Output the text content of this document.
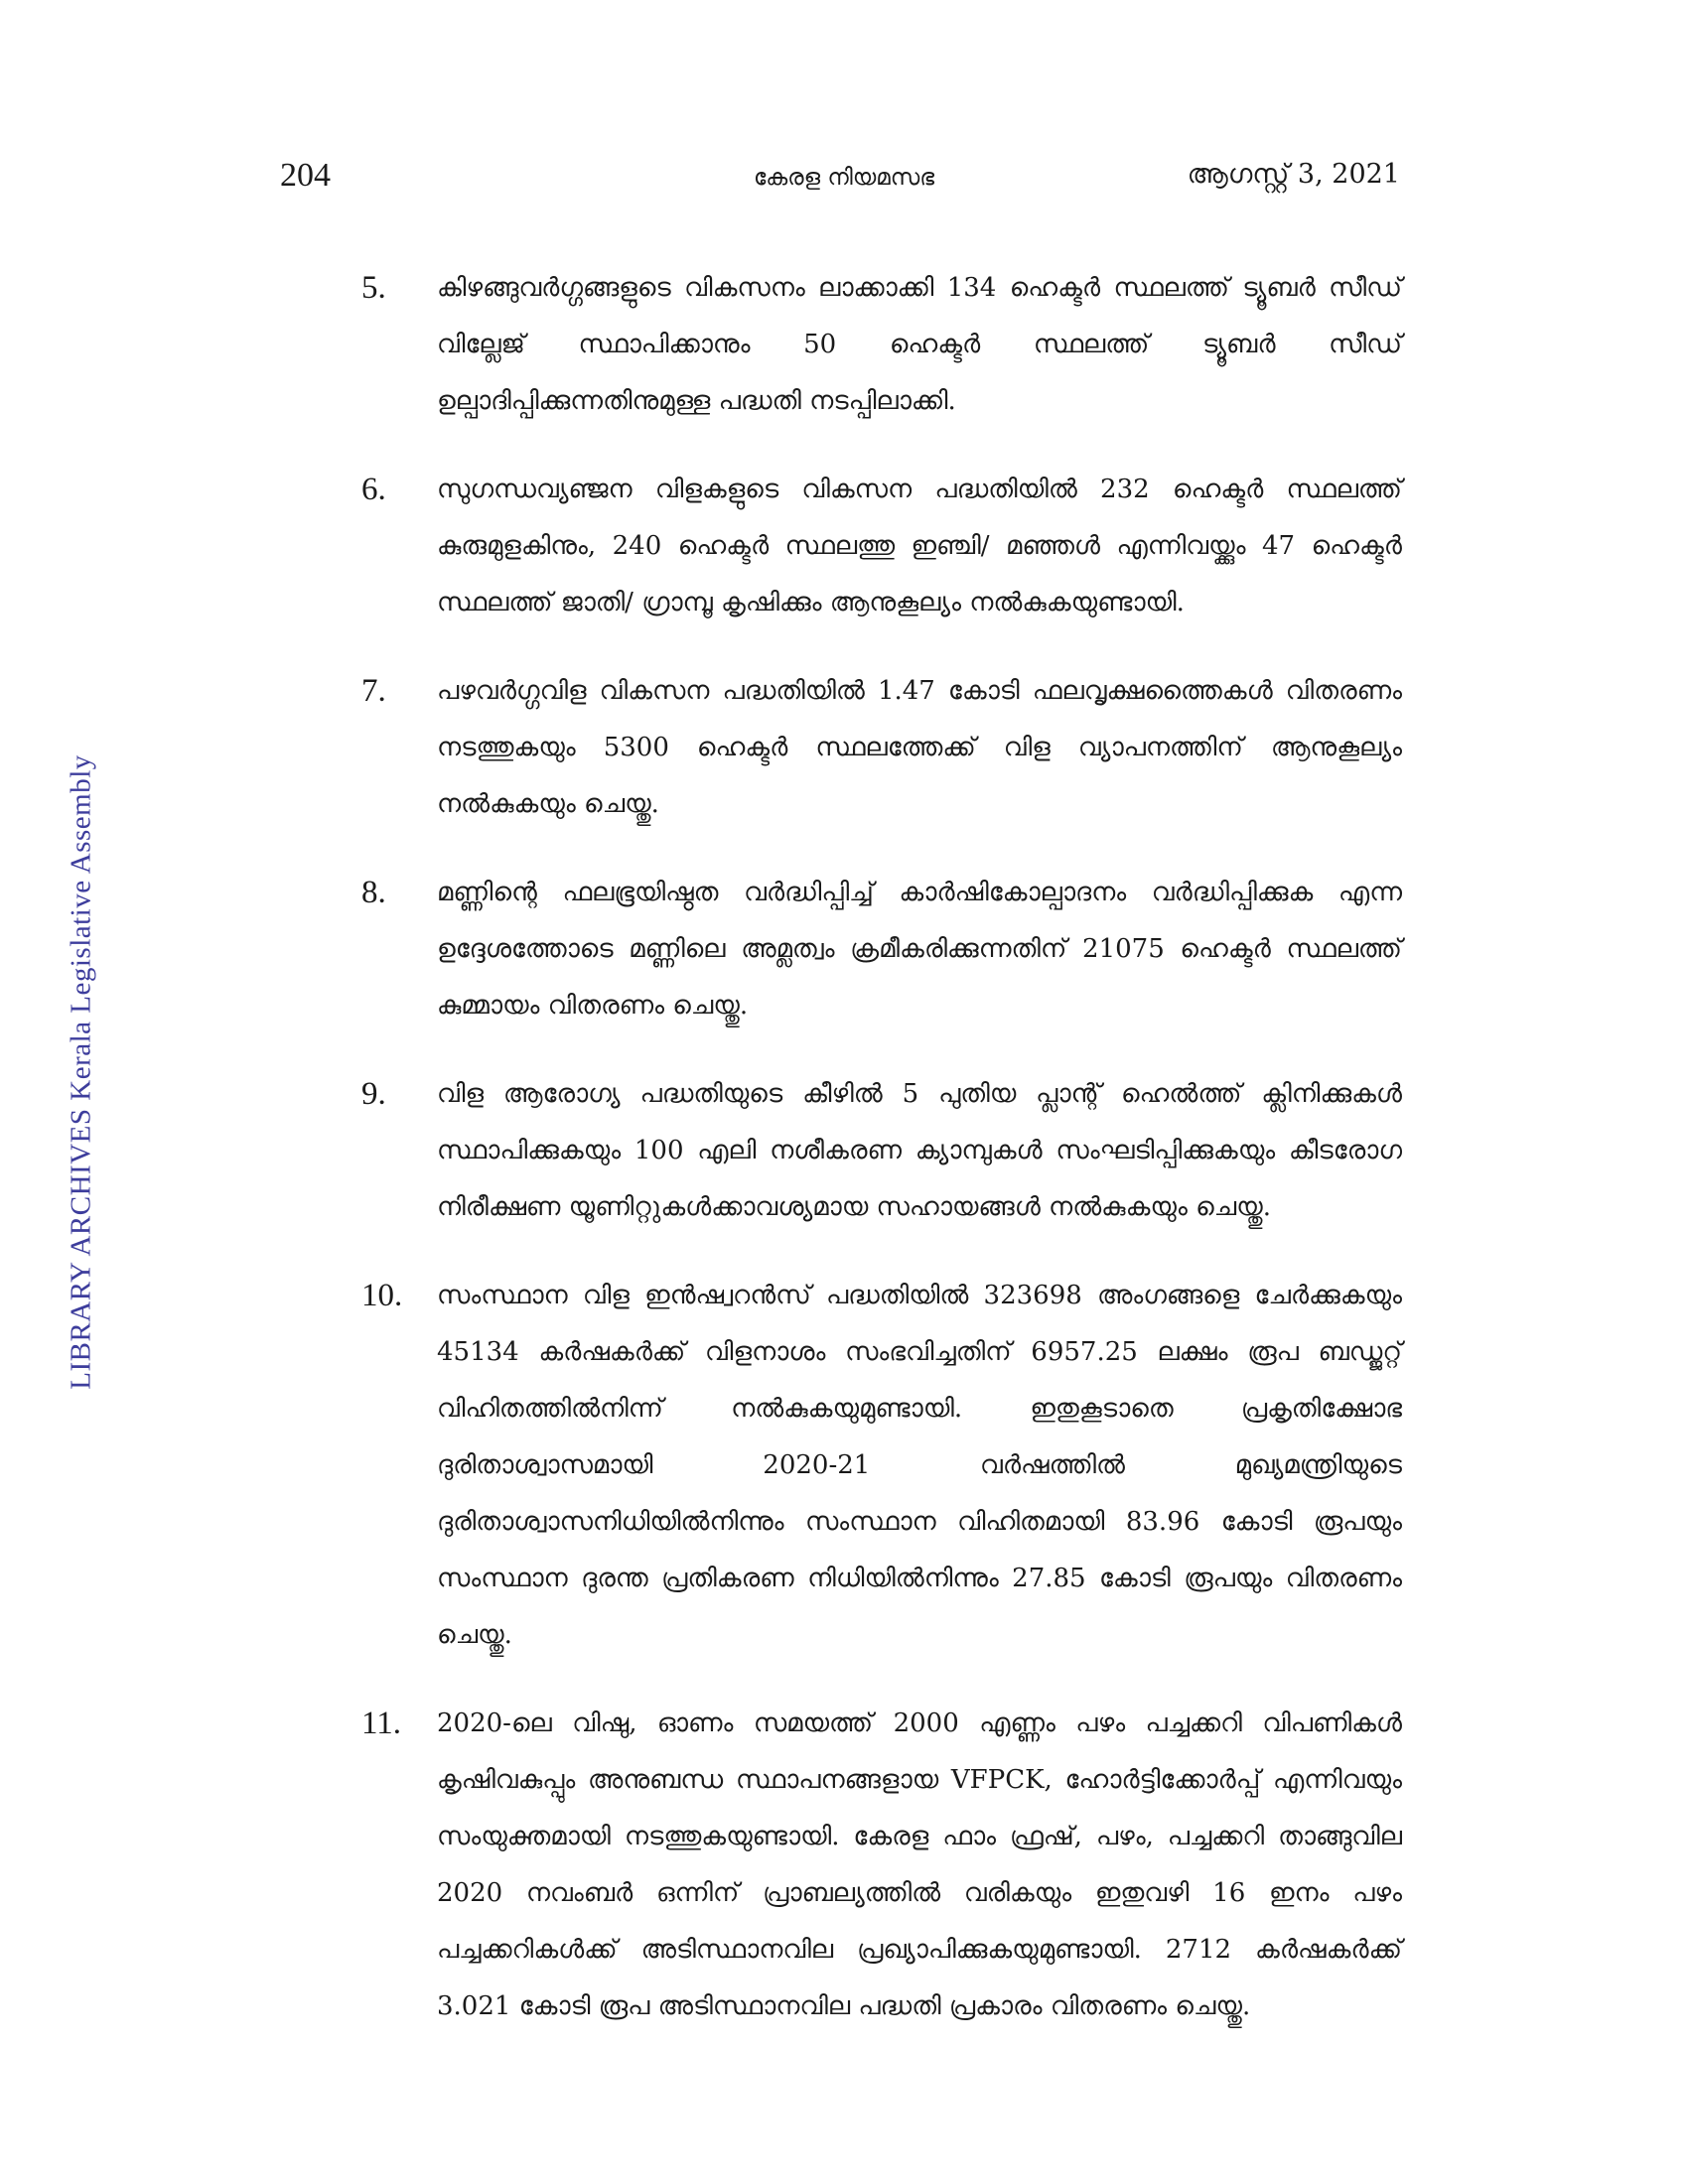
204	കേരള നിയമസഭ	ആഗസ്റ്റ് 3, 2021
LIBRARY ARCHIVES Kerala Legislative Assembly
5. കിഴങ്ങുവർഗ്ഗങ്ങളുടെ വികസനം ലാക്കാക്കി 134 ഹെക്ടർ സ്ഥലത്ത് ട്യൂബർ സീഡ് വില്ലേജ് സ്ഥാപിക്കാനും 50 ഹെക്ടർ സ്ഥലത്ത് ട്യൂബർ സീഡ് ഉല്പാദിപ്പിക്കുന്നതിനുമുള്ള പദ്ധതി നടപ്പിലാക്കി.

6. സുഗന്ധവ്യഞ്ജന വിളകളുടെ വികസന പദ്ധതിയിൽ 232 ഹെക്ടർ സ്ഥലത്ത് കുരുമുളകിനും, 240 ഹെക്ടർ സ്ഥലത്തു ഇഞ്ചി/ മഞ്ഞൾ എന്നിവയ്ക്കും 47 ഹെക്ടർ സ്ഥലത്ത് ജാതി/ ഗ്രാമ്പൂ കൃഷിക്കും ആനുകൂല്യം നൽകുകയുണ്ടായി.

7. പഴവർഗ്ഗവിള വികസന പദ്ധതിയിൽ 1.47 കോടി ഫലവൃക്ഷത്തൈകൾ വിതരണം നടത്തുകയും 5300 ഹെക്ടർ സ്ഥലത്തേക്ക് വിള വ്യാപനത്തിന് ആനുകൂല്യം നൽകുകയും ചെയ്തു.

8. മണ്ണിന്റെ ഫലഭൂയിഷ്ഠത വർദ്ധിപ്പിച്ച് കാർഷികോല്പാദനം വർദ്ധിപ്പിക്കുക എന്ന ഉദ്ദേശത്തോടെ മണ്ണിലെ അമ്ലത്വം ക്രമീകരിക്കുന്നതിന് 21075 ഹെക്ടർ സ്ഥലത്ത് കുമ്മായം വിതരണം ചെയ്തു.

9. വിള ആരോഗ്യ പദ്ധതിയുടെ കീഴിൽ 5 പുതിയ പ്ലാന്റ് ഹെൽത്ത് ക്ലിനിക്കുകൾ സ്ഥാപിക്കുകയും 100 എലി നശീകരണ ക്യാമ്പുകൾ സംഘടിപ്പിക്കുകയും കീടരോഗ നിരീക്ഷണ യൂണിറ്റുകൾക്കാവശ്യമായ സഹായങ്ങൾ നൽകുകയും ചെയ്തു.

10. സംസ്ഥാന വിള ഇൻഷ്വറൻസ് പദ്ധതിയിൽ 323698 അംഗങ്ങളെ ചേർക്കുകയും 45134 കർഷകർക്ക് വിളനാശം സംഭവിച്ചതിന് 6957.25 ലക്ഷം രൂപ ബഡ്ജറ്റ് വിഹിതത്തിൽനിന്ന് നൽകുകയുമുണ്ടായി. ഇതുകൂടാതെ പ്രകൃതിക്ഷോഭ ദുരിതാശ്വാസമായി 2020-21 വർഷത്തിൽ മുഖ്യമന്ത്രിയുടെ ദുരിതാശ്വാസനിധിയിൽനിന്നും സംസ്ഥാന വിഹിതമായി 83.96 കോടി രൂപയും സംസ്ഥാന ദുരന്ത പ്രതികരണ നിധിയിൽനിന്നും 27.85 കോടി രൂപയും വിതരണം ചെയ്തു.

11. 2020-ലെ വിഷു, ഓണം സമയത്ത് 2000 എണ്ണം പഴം പച്ചക്കറി വിപണികൾ കൃഷിവകുപ്പും അനുബന്ധ സ്ഥാപനങ്ങളായ VFPCK, ഹോർട്ടിക്കോർപ്പ് എന്നിവയും സംയുക്തമായി നടത്തുകയുണ്ടായി. കേരള ഫാം ഫ്രഷ്, പഴം, പച്ചക്കറി താങ്ങുവില 2020 നവംബർ ഒന്നിന് പ്രാബല്യത്തിൽ വരികയും ഇതുവഴി 16 ഇനം പഴം പച്ചക്കറികൾക്ക് അടിസ്ഥാനവില പ്രഖ്യാപിക്കുകയുമുണ്ടായി. 2712 കർഷകർക്ക് 3.021 കോടി രൂപ അടിസ്ഥാനവില പദ്ധതി പ്രകാരം വിതരണം ചെയ്തു.
